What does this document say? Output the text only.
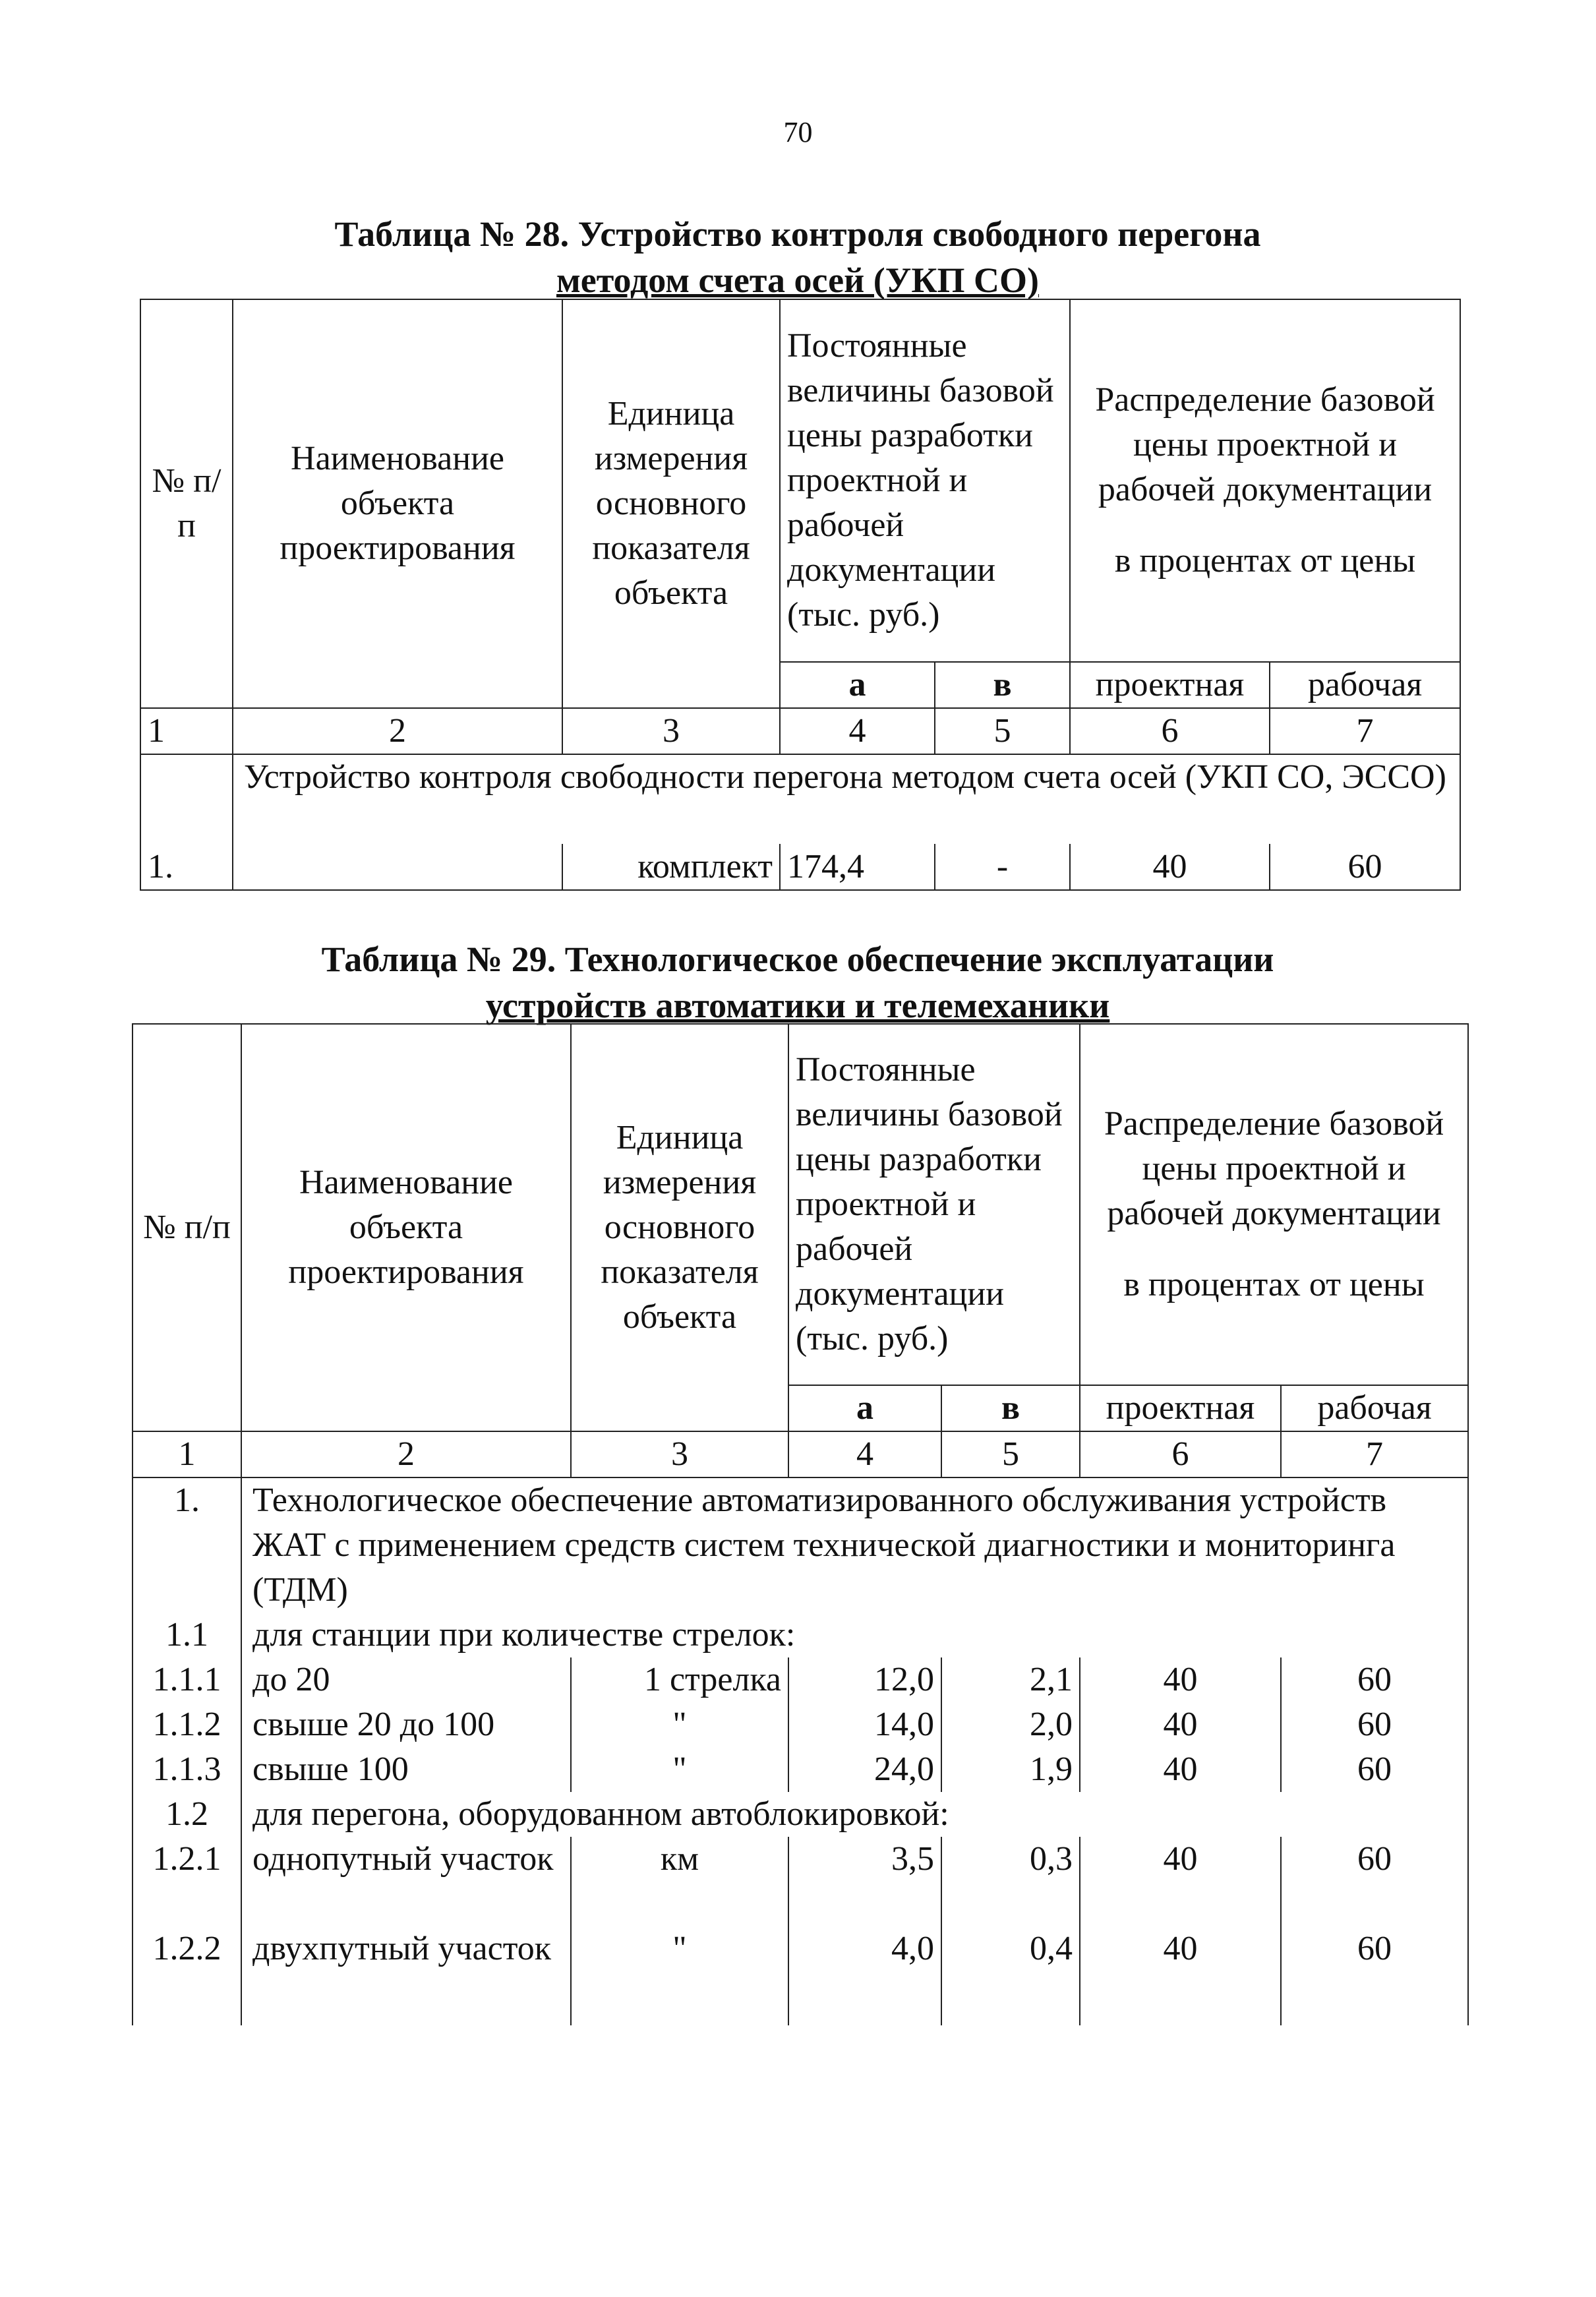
70
Таблица № 28. Устройство контроля свободного перегона
методом счета осей (УКП СО)
№ п/п	Наименование объекта проектирования	Единица измерения основного показателя объекта	Постоянные величины базовой цены разработки проектной и рабочей документации (тыс. руб.)		Распределение базовой цены проектной и рабочей документации
в процентах от цены	

			а	в	проектная	рабочая
1	2	3	4	5	6	7
1.	Устройство контроля свободности перегона методом счета осей (УКП СО, ЭССО)					
		комплект	174,4	-	40	60
Таблица № 29. Технологическое обеспечение эксплуатации
устройств автоматики и телемеханики
№ п/п	Наименование объекта проектирования	Единица измерения основного показателя объекта	Постоянные величины базовой цены разработки проектной и рабочей документации (тыс. руб.)		Распределение базовой цены проектной и рабочей документации
в процентах от цены	

			а	в	проектная	рабочая
1	2	3	4	5	6	7
1.	Технологическое обеспечение автоматизированного обслуживания устройств ЖАТ с применением средств систем технической диагностики и мониторинга (ТДМ)					
1.1	для станции при количестве стрелок:					
1.1.1	до 20	1 стрелка	12,0	2,1	40	60
1.1.2	свыше 20 до 100	"	14,0	2,0	40	60
1.1.3	свыше 100	"	24,0	1,9	40	60
1.2	для перегона, оборудованном автоблокировкой:					
1.2.1	однопутный участок	км	3,5	0,3	40	60
1.2.2	двухпутный участок	"	4,0	0,4	40	60
